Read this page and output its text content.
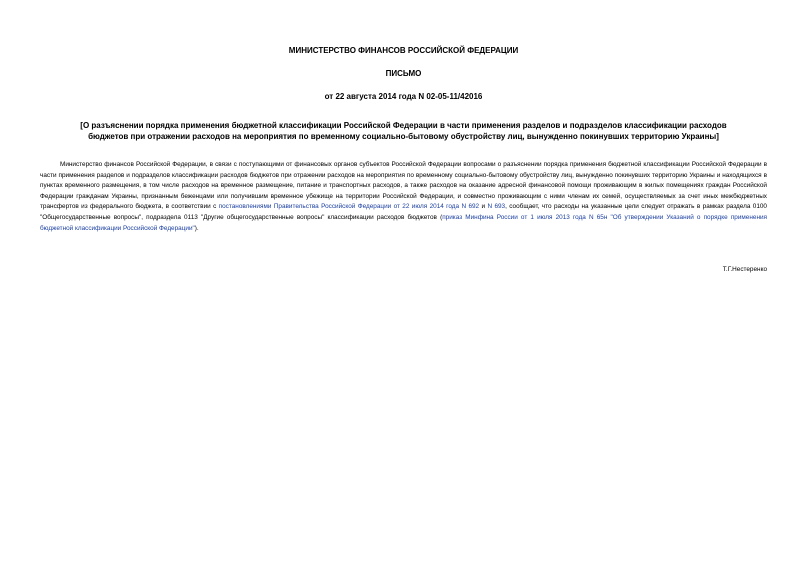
МИНИСТЕРСТВО ФИНАНСОВ РОССИЙСКОЙ ФЕДЕРАЦИИ
ПИСЬМО
от 22 августа 2014 года N 02-05-11/42016
[О разъяснении порядка применения бюджетной классификации Российской Федерации в части применения разделов и подразделов классификации расходов
бюджетов при отражении расходов на мероприятия по временному социально-бытовому обустройству лиц, вынужденно покинувших территорию Украины]
Министерство финансов Российской Федерации, в связи с поступающими от финансовых органов субъектов Российской Федерации вопросами о разъяснении порядка применения бюджетной классификации Российской Федерации в части применения разделов и подразделов классификации расходов бюджетов при отражении расходов на мероприятия по временному социально-бытовому обустройству лиц, вынужденно покинувших территорию Украины и находящихся в пунктах временного размещения, в том числе расходов на временное размещение, питание и транспортных расходов, а также расходов на оказание адресной финансовой помощи проживающим в жилых помещениях граждан Российской Федерации гражданам Украины, признанным беженцами или получившим временное убежище на территории Российской Федерации, и совместно проживающим с ними членам их семей, осуществляемых за счет иных межбюджетных трансфертов из федерального бюджета, в соответствии с постановлениями Правительства Российской Федерации от 22 июля 2014 года N 692 и N 693, сообщает, что расходы на указанные цели следует отражать в рамках раздела 0100 "Общегосударственные вопросы", подраздела 0113 "Другие общегосударственные вопросы" классификации расходов бюджетов (приказ Минфина России от 1 июля 2013 года N 65н "Об утверждении Указаний о порядке применения бюджетной классификации Российской Федерации").
Т.Г.Нестеренко
